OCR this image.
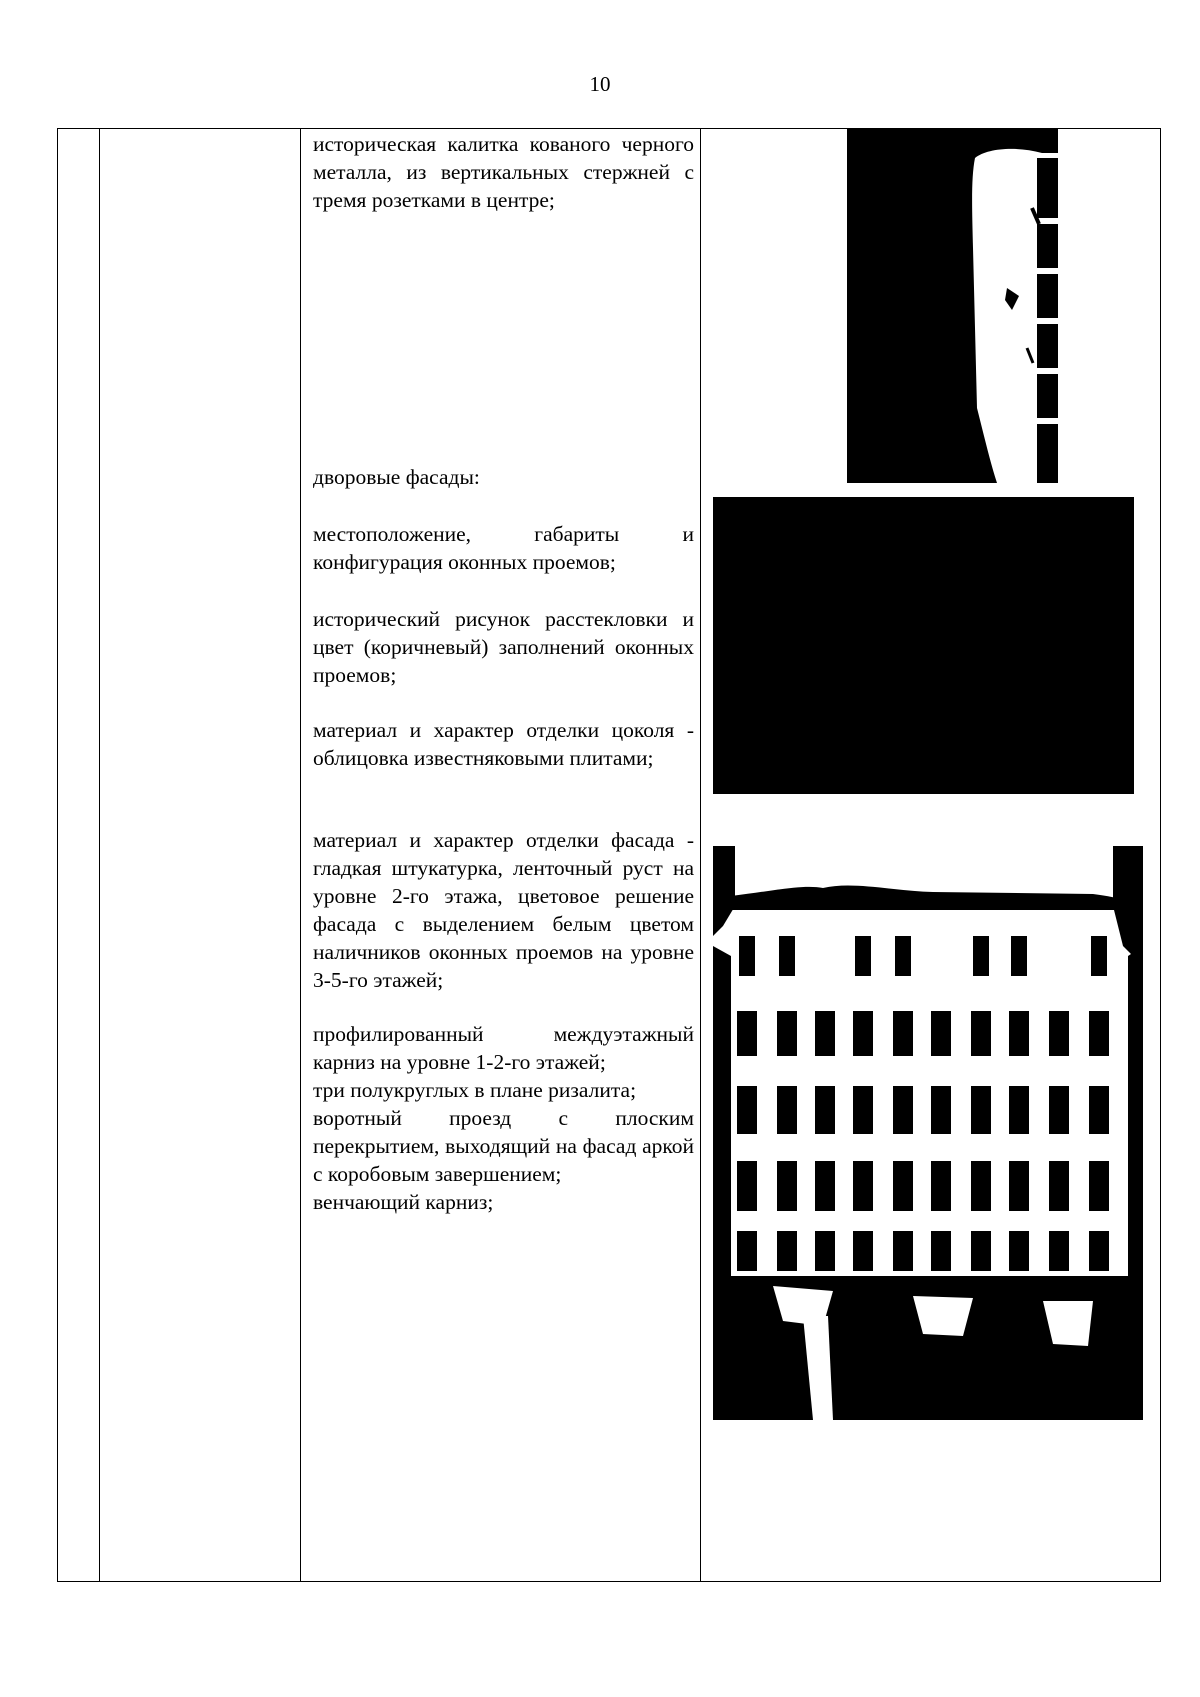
10

историческая калитка кованого черного металла, из вертикальных стержней с тремя розетками в центре;

дворовые фасады:

местоположение, габариты и конфигурация оконных проемов;

исторический рисунок расстекловки и цвет (коричневый) заполнений оконных проемов;

материал и характер отделки цоколя - облицовка известняковыми плитами;

материал и характер отделки фасада - гладкая штукатурка, ленточный руст на уровне 2-го этажа, цветовое решение фасада с выделением белым цветом наличников оконных проемов на уровне 3-5-го этажей;

профилированный междуэтажный карниз на уровне 1-2-го этажей;

три полукруглых в плане ризалита;

воротный проезд с плоским перекрытием, выходящий на фасад аркой с коробовым завершением;

венчающий карниз;
